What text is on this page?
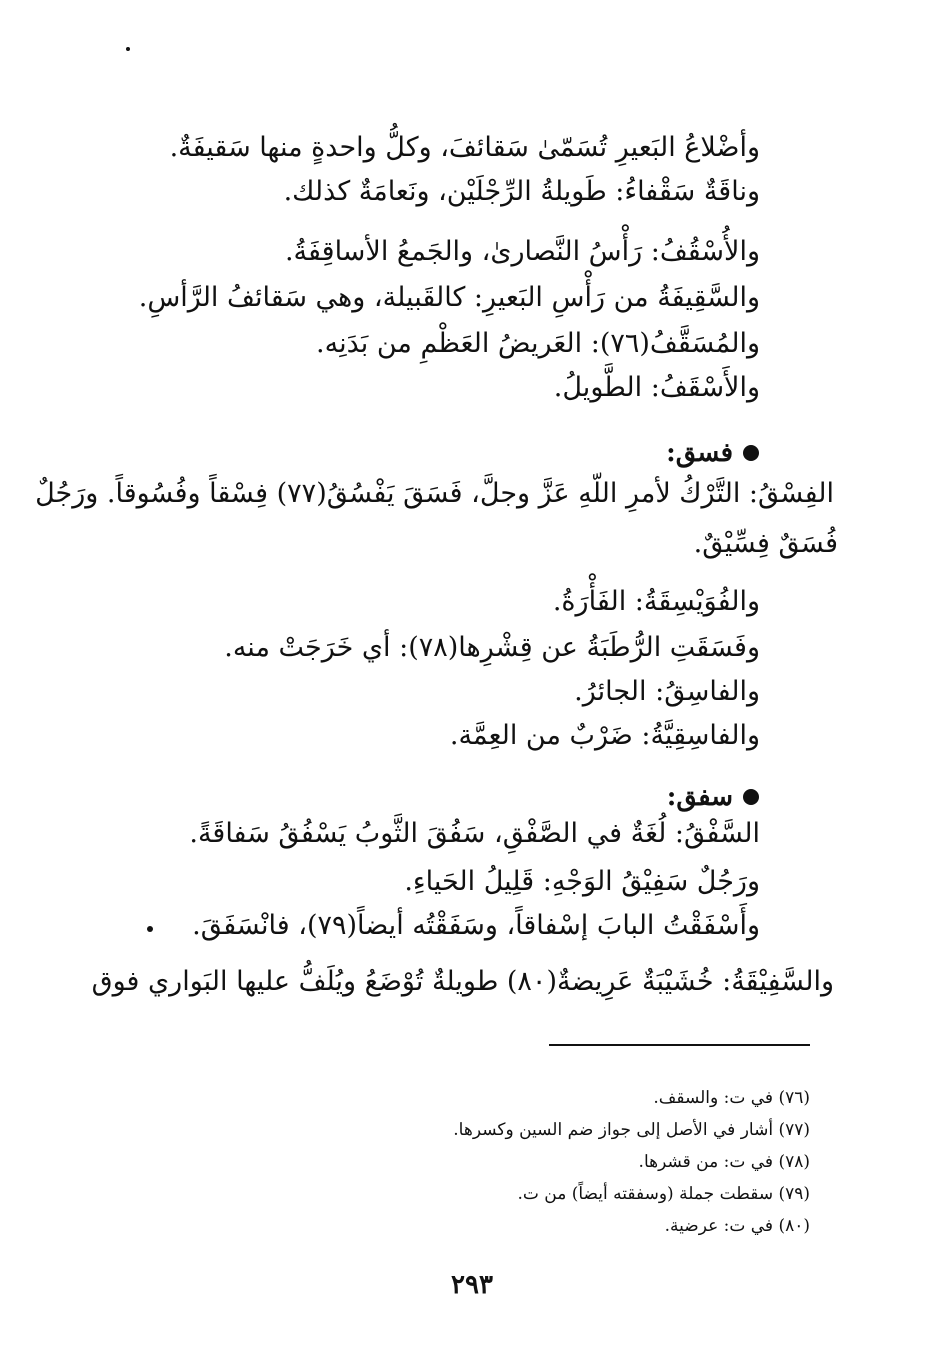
وأضْلاعُ البَعيرِ تُسَمّىٰ سَقائفَ، وكلُّ واحدةٍ منها سَقيفَةٌ.
وناقَةٌ سَقْفاءُ: طَويلةُ الرِّجْلَيْن، ونَعامَةٌ كذلك.
والأُسْقُفُ: رَأْسُ النَّصارىٰ، والجَمعُ الأساقِفَةُ.
والسَّقِيفَةُ من رَأْسِ البَعيرِ: كالقَبيلة، وهي سَقائفُ الرَّأسِ.
والمُسَقَّفُ(٧٦): العَريضُ العَظْمِ من بَدَنِه.
والأَسْقَفُ: الطَّويلُ.
فسق:
الفِسْقُ: التَّرْكُ لأمرِ اللّهِ عَزَّ وجلَّ، فَسَقَ يَفْسُقُ(٧٧) فِسْقاً وفُسُوقاً. ورَجُلٌ
فُسَقٌ فِسِّيْقٌ.
والفُوَيْسِقَةُ: الفَأْرَةُ.
وفَسَقَتِ الرُّطَبَةُ عن قِشْرِها(٧٨): أي خَرَجَتْ منه.
والفاسِقُ: الجائرُ.
والفاسِقِيَّةُ: ضَرْبٌ من العِمَّة.
سفق:
السَّفْقُ: لُغَةٌ في الصَّفْقِ، سَفُقَ الثَّوبُ يَسْفُقُ سَفاقَةً.
ورَجُلٌ سَفِيْقُ الوَجْهِ: قَلِيلُ الحَياءِ.
وأَسْفَقْتُ البابَ إسْفاقاً، وسَفَقْتُه أيضاً(٧٩)، فانْسَفَقَ.
والسَّفِيْقَةُ: خُشَيْبَةٌ عَرِيضةٌ(٨٠) طويلةٌ تُوْضَعُ ويُلَفُّ عليها البَواري فوق
(٧٦) في ت: والسقف.
(٧٧) أشار في الأصل إلى جواز ضم السين وكسرها.
(٧٨) في ت: من قشرها.
(٧٩) سقطت جملة (وسفقته أيضاً) من ت.
(٨٠) في ت: عرضية.
٢٩٣
